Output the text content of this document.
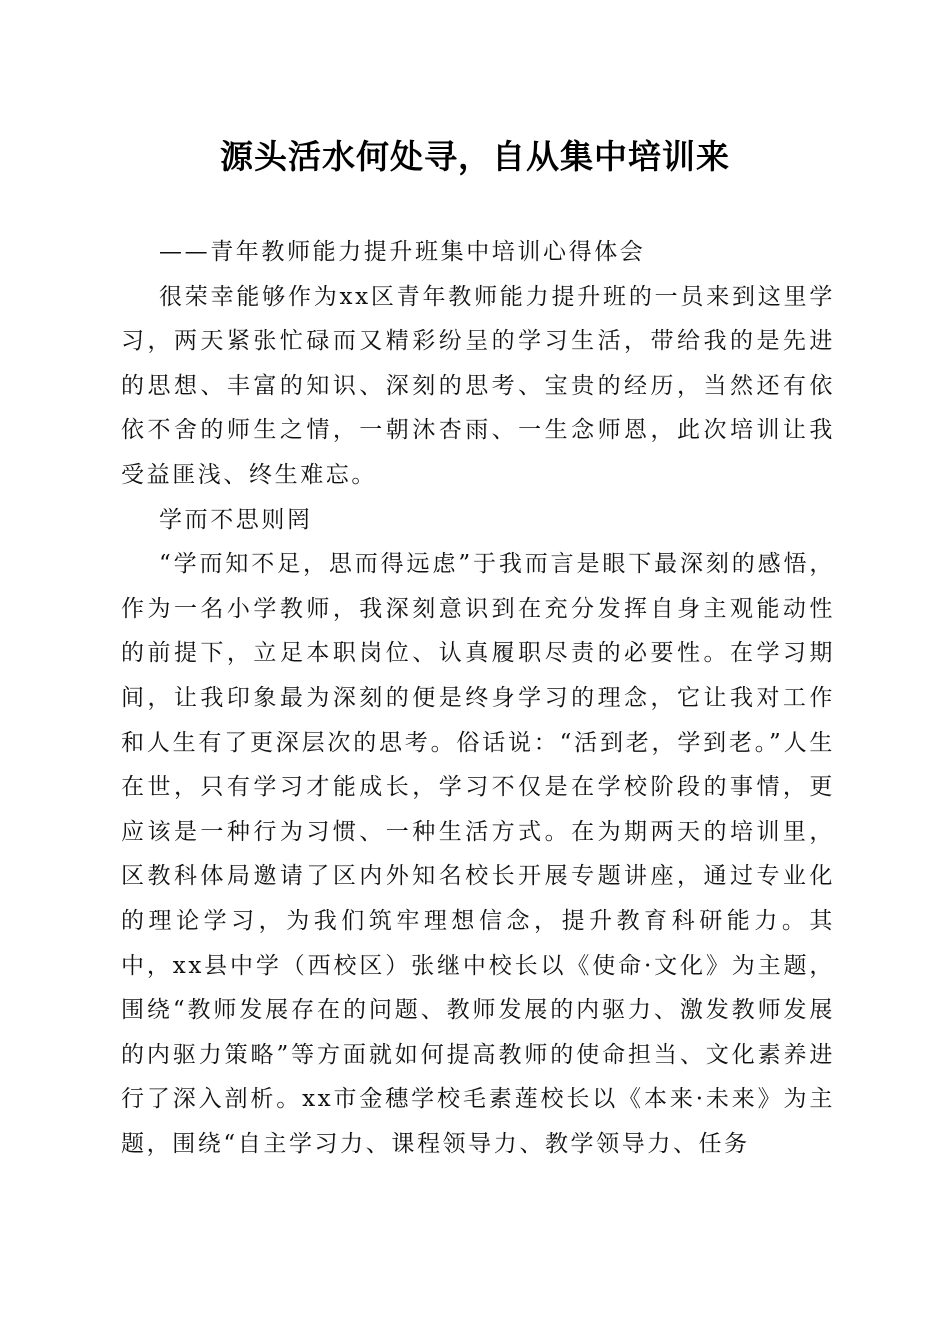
源头活水何处寻，自从集中培训来

——青年教师能力提升班集中培训心得体会

很荣幸能够作为xx区青年教师能力提升班的一员来到这里学习，两天紧张忙碌而又精彩纷呈的学习生活，带给我的是先进的思想、丰富的知识、深刻的思考、宝贵的经历，当然还有依依不舍的师生之情，一朝沐杏雨、一生念师恩，此次培训让我受益匪浅、终生难忘。

学而不思则罔

“学而知不足，思而得远虑”于我而言是眼下最深刻的感悟，作为一名小学教师，我深刻意识到在充分发挥自身主观能动性的前提下，立足本职岗位、认真履职尽责的必要性。在学习期间，让我印象最为深刻的便是终身学习的理念，它让我对工作和人生有了更深层次的思考。俗话说：“活到老，学到老。”人生在世，只有学习才能成长，学习不仅是在学校阶段的事情，更应该是一种行为习惯、一种生活方式。在为期两天的培训里，区教科体局邀请了区内外知名校长开展专题讲座，通过专业化的理论学习，为我们筑牢理想信念，提升教育科研能力。其中，xx县中学（西校区）张继中校长以《使命·文化》为主题，围绕“教师发展存在的问题、教师发展的内驱力、激发教师发展的内驱力策略”等方面就如何提高教师的使命担当、文化素养进行了深入剖析。xx市金穗学校毛素莲校长以《本来·未来》为主题，围绕“自主学习力、课程领导力、教学领导力、任务
